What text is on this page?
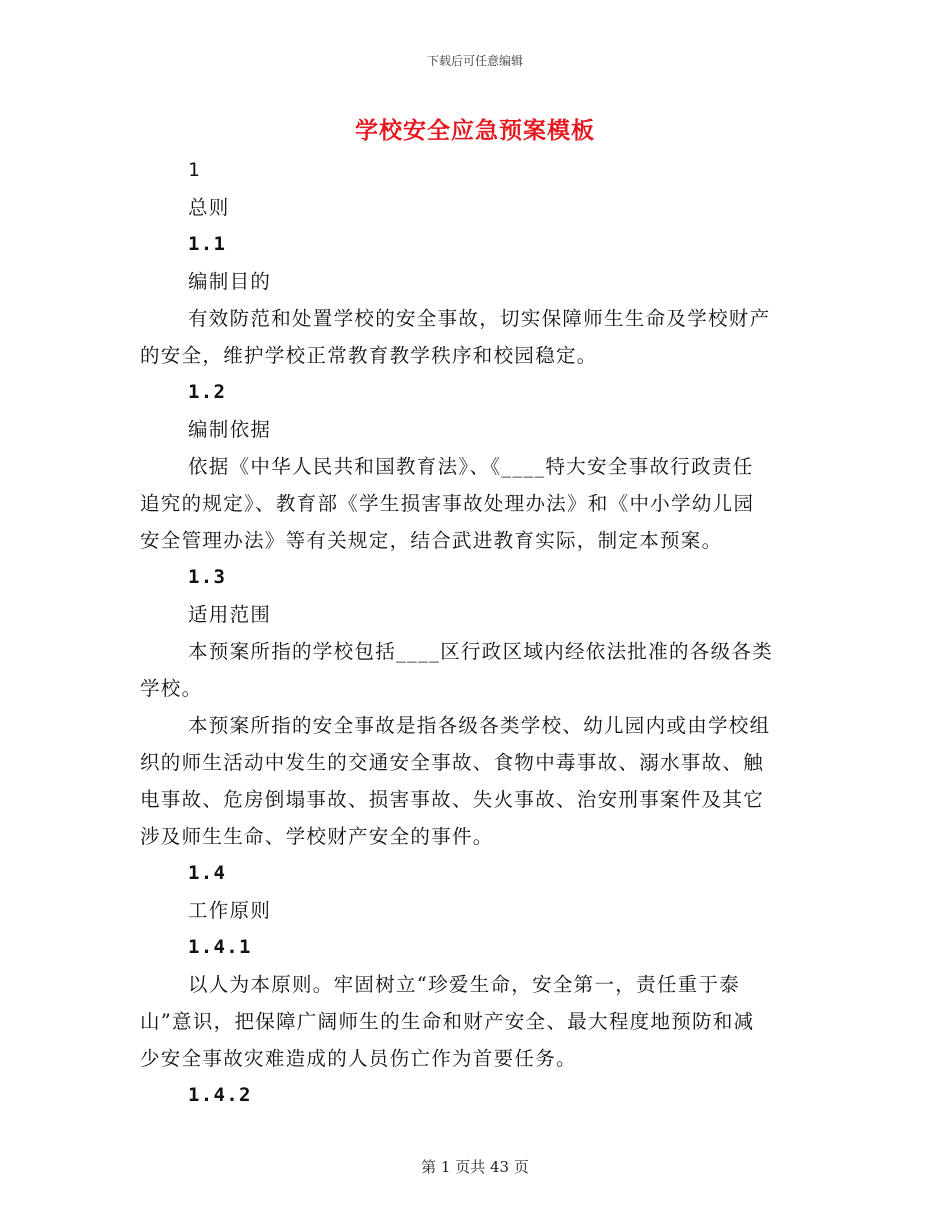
下载后可任意编辑
学校安全应急预案模板
1
总则
1.1
编制目的
有效防范和处置学校的安全事故，切实保障师生生命及学校财产
的安全，维护学校正常教育教学秩序和校园稳定。
1.2
编制依据
依据《中华人民共和国教育法》、《____特大安全事故行政责任
追究的规定》、教育部《学生损害事故处理办法》和《中小学幼儿园
安全管理办法》等有关规定，结合武进教育实际，制定本预案。
1.3
适用范围
本预案所指的学校包括____区行政区域内经依法批准的各级各类
学校。
本预案所指的安全事故是指各级各类学校、幼儿园内或由学校组
织的师生活动中发生的交通安全事故、食物中毒事故、溺水事故、触
电事故、危房倒塌事故、损害事故、失火事故、治安刑事案件及其它
涉及师生生命、学校财产安全的事件。
1.4
工作原则
1.4.1
以人为本原则。牢固树立“珍爱生命，安全第一，责任重于泰
山”意识，把保障广阔师生的生命和财产安全、最大程度地预防和减
少安全事故灾难造成的人员伤亡作为首要任务。
1.4.2
第 1 页共 43 页
